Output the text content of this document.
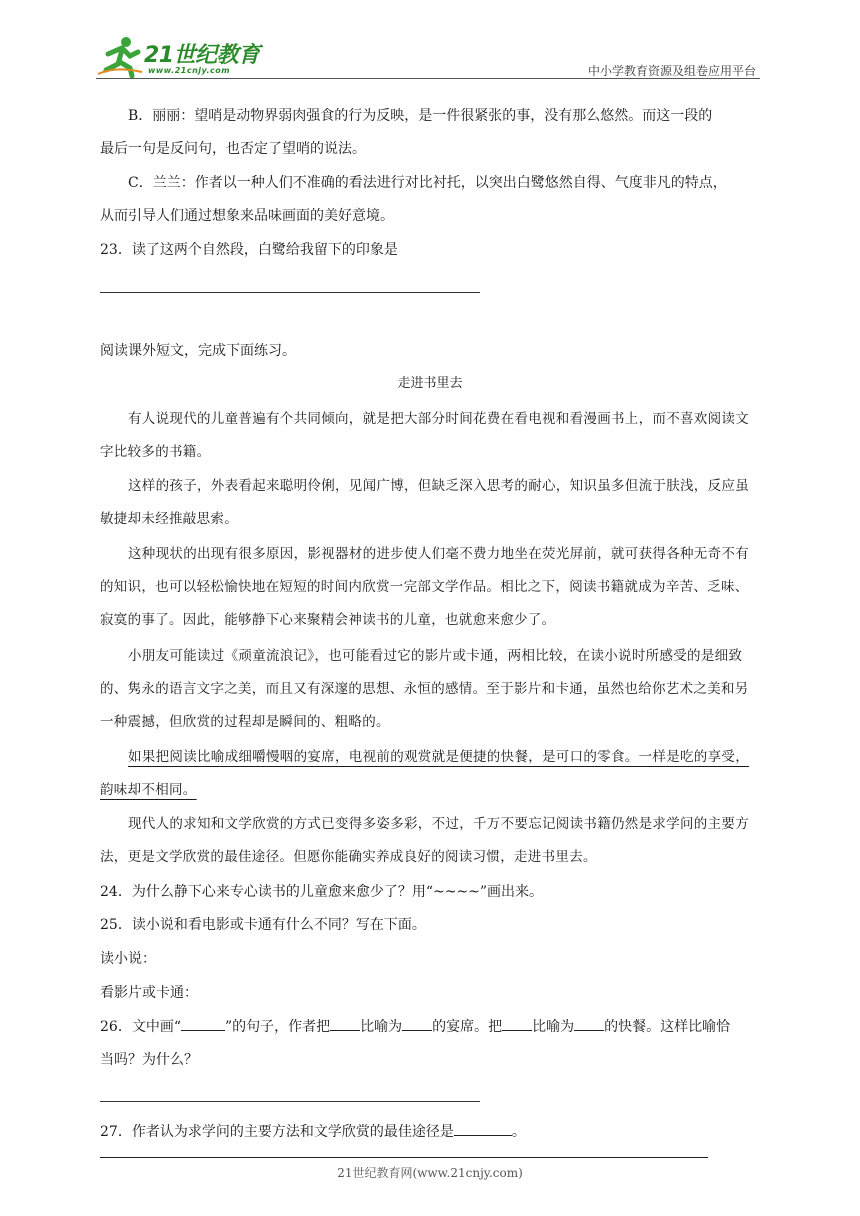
21世纪教育
www.21cnjy.com	中小学教育资源及组卷应用平台

B．丽丽：望哨是动物界弱肉强食的行为反映，是一件很紧张的事，没有那么悠然。而这一段的

最后一句是反问句，也否定了望哨的说法。

C．兰兰：作者以一种人们不准确的看法进行对比衬托，以突出白鹭悠然自得、气度非凡的特点，

从而引导人们通过想象来品味画面的美好意境。

23．读了这两个自然段，白鹭给我留下的印象是

阅读课外短文，完成下面练习。

走进书里去

有人说现代的儿童普遍有个共同倾向，就是把大部分时间花费在看电视和看漫画书上，而不喜欢阅读文字比较多的书籍。

这样的孩子，外表看起来聪明伶俐，见闻广博，但缺乏深入思考的耐心，知识虽多但流于肤浅，反应虽敏捷却未经推敲思索。

这种现状的出现有很多原因，影视器材的进步使人们毫不费力地坐在荧光屏前，就可获得各种无奇不有的知识，也可以轻松愉快地在短短的时间内欣赏一完部文学作品。相比之下，阅读书籍就成为辛苦、乏味、寂寞的事了。因此，能够静下心来聚精会神读书的儿童，也就愈来愈少了。

小朋友可能读过《顽童流浪记》，也可能看过它的影片或卡通，两相比较，在读小说时所感受的是细致的、隽永的语言文字之美，而且又有深邃的思想、永恒的感情。至于影片和卡通，虽然也给你艺术之美和另一种震撼，但欣赏的过程却是瞬间的、粗略的。

如果把阅读比喻成细嚼慢咽的宴席，电视前的观赏就是便捷的快餐，是可口的零食。一样是吃的享受，韵味却不相同。

现代人的求知和文学欣赏的方式已变得多姿多彩，不过，千万不要忘记阅读书籍仍然是求学问的主要方法，更是文学欣赏的最佳途径。但愿你能确实养成良好的阅读习惯，走进书里去。

24．为什么静下心来专心读书的儿童愈来愈少了？用“~~~~”画出来。

25．读小说和看电影或卡通有什么不同？写在下面。

读小说：

看影片或卡通：

26．文中画“	”的句子，作者把 比喻为 的宴席。把 比喻为 的快餐。这样比喻恰

当吗？为什么？

27．作者认为求学问的主要方法和文学欣赏的最佳途径是	。

21世纪教育网(www.21cnjy.com)
